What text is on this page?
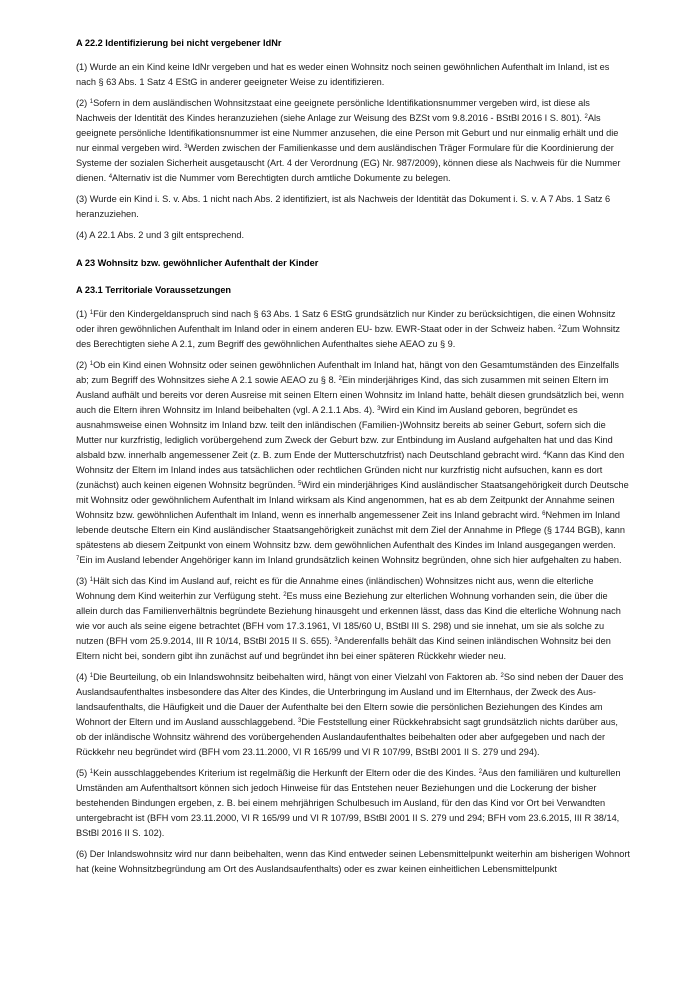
A 22.2 Identifizierung bei nicht vergebener IdNr

(1) Wurde an ein Kind keine IdNr vergeben und hat es weder einen Wohnsitz noch seinen gewöhnlichen Aufenthalt im Inland, ist es nach § 63 Abs. 1 Satz 4 EStG in anderer geeigneter Weise zu identifizieren.

(2) $^1$Sofern in dem ausländischen Wohnsitzstaat eine geeignete persönliche Identifikationsnummer vergeben wird, ist diese als Nachweis der Identität des Kindes heranzuziehen (siehe Anlage zur Weisung des BZSt vom 9.8.2016 - BStBl 2016 I S. 801). $^2$Als geeignete persönliche Identifikationsnummer ist eine Nummer anzusehen, die eine Person mit Geburt und nur einmalig erhält und die nur einmal vergeben wird. $^3$Werden zwischen der Familienkasse und dem ausländischen Träger Formulare für die Koordinierung der Systeme der sozialen Sicherheit ausgetauscht (Art. 4 der Verordnung (EG) Nr. 987/2009), können diese als Nachweis für die Nummer dienen. $^4$Alternativ ist die Nummer vom Berechtigten durch amtliche Dokumente zu belegen.

(3) Wurde ein Kind i. S. v. Abs. 1 nicht nach Abs. 2 identifiziert, ist als Nachweis der Identität das Dokument i. S. v. A 7 Abs. 1 Satz 6 heranzuziehen.

(4) A 22.1 Abs. 2 und 3 gilt entsprechend.

A 23 Wohnsitz bzw. gewöhnlicher Aufenthalt der Kinder
A 23.1 Territoriale Voraussetzungen

(1) $^1$Für den Kindergeldanspruch sind nach § 63 Abs. 1 Satz 6 EStG grundsätzlich nur Kinder zu berücksichtigen, die einen Wohnsitz oder ihren gewöhnlichen Aufenthalt im Inland oder in einem anderen EU- bzw. EWR-Staat oder in der Schweiz haben. $^2$Zum Wohnsitz des Berechtigten siehe A 2.1, zum Begriff des gewöhnlichen Aufenthaltes siehe AEAO zu § 9.

(2) $^1$Ob ein Kind einen Wohnsitz oder seinen gewöhnlichen Aufenthalt im Inland hat, hängt von den Gesamtumständen des Einzelfalls ab; zum Begriff des Wohnsitzes siehe A 2.1 sowie AEAO zu § 8. $^2$Ein minderjähriges Kind, das sich zusammen mit seinen Eltern im Ausland aufhält und bereits vor deren Ausreise mit seinen Eltern einen Wohnsitz im Inland hatte, behält diesen grundsätzlich bei, wenn auch die Eltern ihren Wohnsitz im Inland beibehalten (vgl. A 2.1.1 Abs. 4). $^3$Wird ein Kind im Ausland geboren, begründet es ausnahmsweise einen Wohnsitz im Inland bzw. teilt den inländischen (Familien-)Wohnsitz bereits ab seiner Geburt, sofern sich die Mutter nur kurzfristig, lediglich vorübergehend zum Zweck der Geburt bzw. zur Entbindung im Ausland aufgehalten hat und das Kind alsbald bzw. innerhalb angemessener Zeit (z. B. zum Ende der Mutterschutzfrist) nach Deutschland gebracht wird. $^4$Kann das Kind den Wohnsitz der Eltern im Inland indes aus tatsächlichen oder rechtlichen Gründen nicht nur kurzfristig nicht aufsuchen, kann es dort (zunächst) auch keinen eigenen Wohnsitz begründen. $^5$Wird ein minderjähriges Kind ausländischer Staatsangehörigkeit durch Deutsche mit Wohnsitz oder gewöhnlichem Aufenthalt im Inland wirksam als Kind angenommen, hat es ab dem Zeitpunkt der Annahme seinen Wohnsitz bzw. gewöhnlichen Aufenthalt im Inland, wenn es innerhalb angemessener Zeit ins Inland gebracht wird. $^6$Nehmen im Inland lebende deutsche Eltern ein Kind ausländischer Staatsangehörigkeit zunächst mit dem Ziel der Annahme in Pflege (§ 1744 BGB), kann spätestens ab diesem Zeitpunkt von einem Wohnsitz bzw. dem gewöhnlichen Aufenthalt des Kindes im Inland ausgegangen werden. $^7$Ein im Ausland lebender Angehöriger kann im Inland grundsätzlich keinen Wohnsitz begründen, ohne sich hier aufgehalten zu haben.

(3) $^1$Hält sich das Kind im Ausland auf, reicht es für die Annahme eines (inländischen) Wohnsitzes nicht aus, wenn die elterliche Wohnung dem Kind weiterhin zur Verfügung steht. $^2$Es muss eine Beziehung zur elterlichen Wohnung vorhanden sein, die über die allein durch das Familienverhältnis begründete Beziehung hinausgeht und erkennen lässt, dass das Kind die elterliche Wohnung nach wie vor auch als seine eigene betrachtet (BFH vom 17.3.1961, VI 185/60 U, BStBl III S. 298) und sie innehat, um sie als solche zu nutzen (BFH vom 25.9.2014, III R 10/14, BStBl 2015 II S. 655). $^3$Anderenfalls behält das Kind seinen inländischen Wohnsitz bei den Eltern nicht bei, sondern gibt ihn zunächst auf und begründet ihn bei einer späteren Rückkehr wieder neu.

(4) $^1$Die Beurteilung, ob ein Inlandswohnsitz beibehalten wird, hängt von einer Vielzahl von Faktoren ab. $^2$So sind neben der Dauer des Auslandsaufenthaltes insbesondere das Alter des Kindes, die Unterbringung im Ausland und im Elternhaus, der Zweck des Auslandsaufenthalts, die Häufigkeit und die Dauer der Aufenthalte bei den Eltern sowie die persönlichen Beziehungen des Kindes am Wohnort der Eltern und im Ausland ausschlaggebend. $^3$Die Feststellung einer Rückkehrabsicht sagt grundsätzlich nichts darüber aus, ob der inländische Wohnsitz während des vorübergehenden Auslandaufenthaltes beibehalten oder aber aufgegeben und nach der Rückkehr neu begründet wird (BFH vom 23.11.2000, VI R 165/99 und VI R 107/99, BStBl 2001 II S. 279 und 294).

(5) $^1$Kein ausschlaggebendes Kriterium ist regelmäßig die Herkunft der Eltern oder die des Kindes. $^2$Aus den familiären und kulturellen Umständen am Aufenthaltsort können sich jedoch Hinweise für das Entstehen neuer Beziehungen und die Lockerung der bisher bestehenden Bindungen ergeben, z. B. bei einem mehrjährigen Schulbesuch im Ausland, für den das Kind vor Ort bei Verwandten untergebracht ist (BFH vom 23.11.2000, VI R 165/99 und VI R 107/99, BStBl 2001 II S. 279 und 294; BFH vom 23.6.2015, III R 38/14, BStBl 2016 II S. 102).

(6) Der Inlandswohnsitz wird nur dann beibehalten, wenn das Kind entweder seinen Lebensmittelpunkt weiterhin am bisherigen Wohnort hat (keine Wohnsitzbegründung am Ort des Auslandsaufenthalts) oder es zwar keinen einheitlichen Lebensmittelpunkt
